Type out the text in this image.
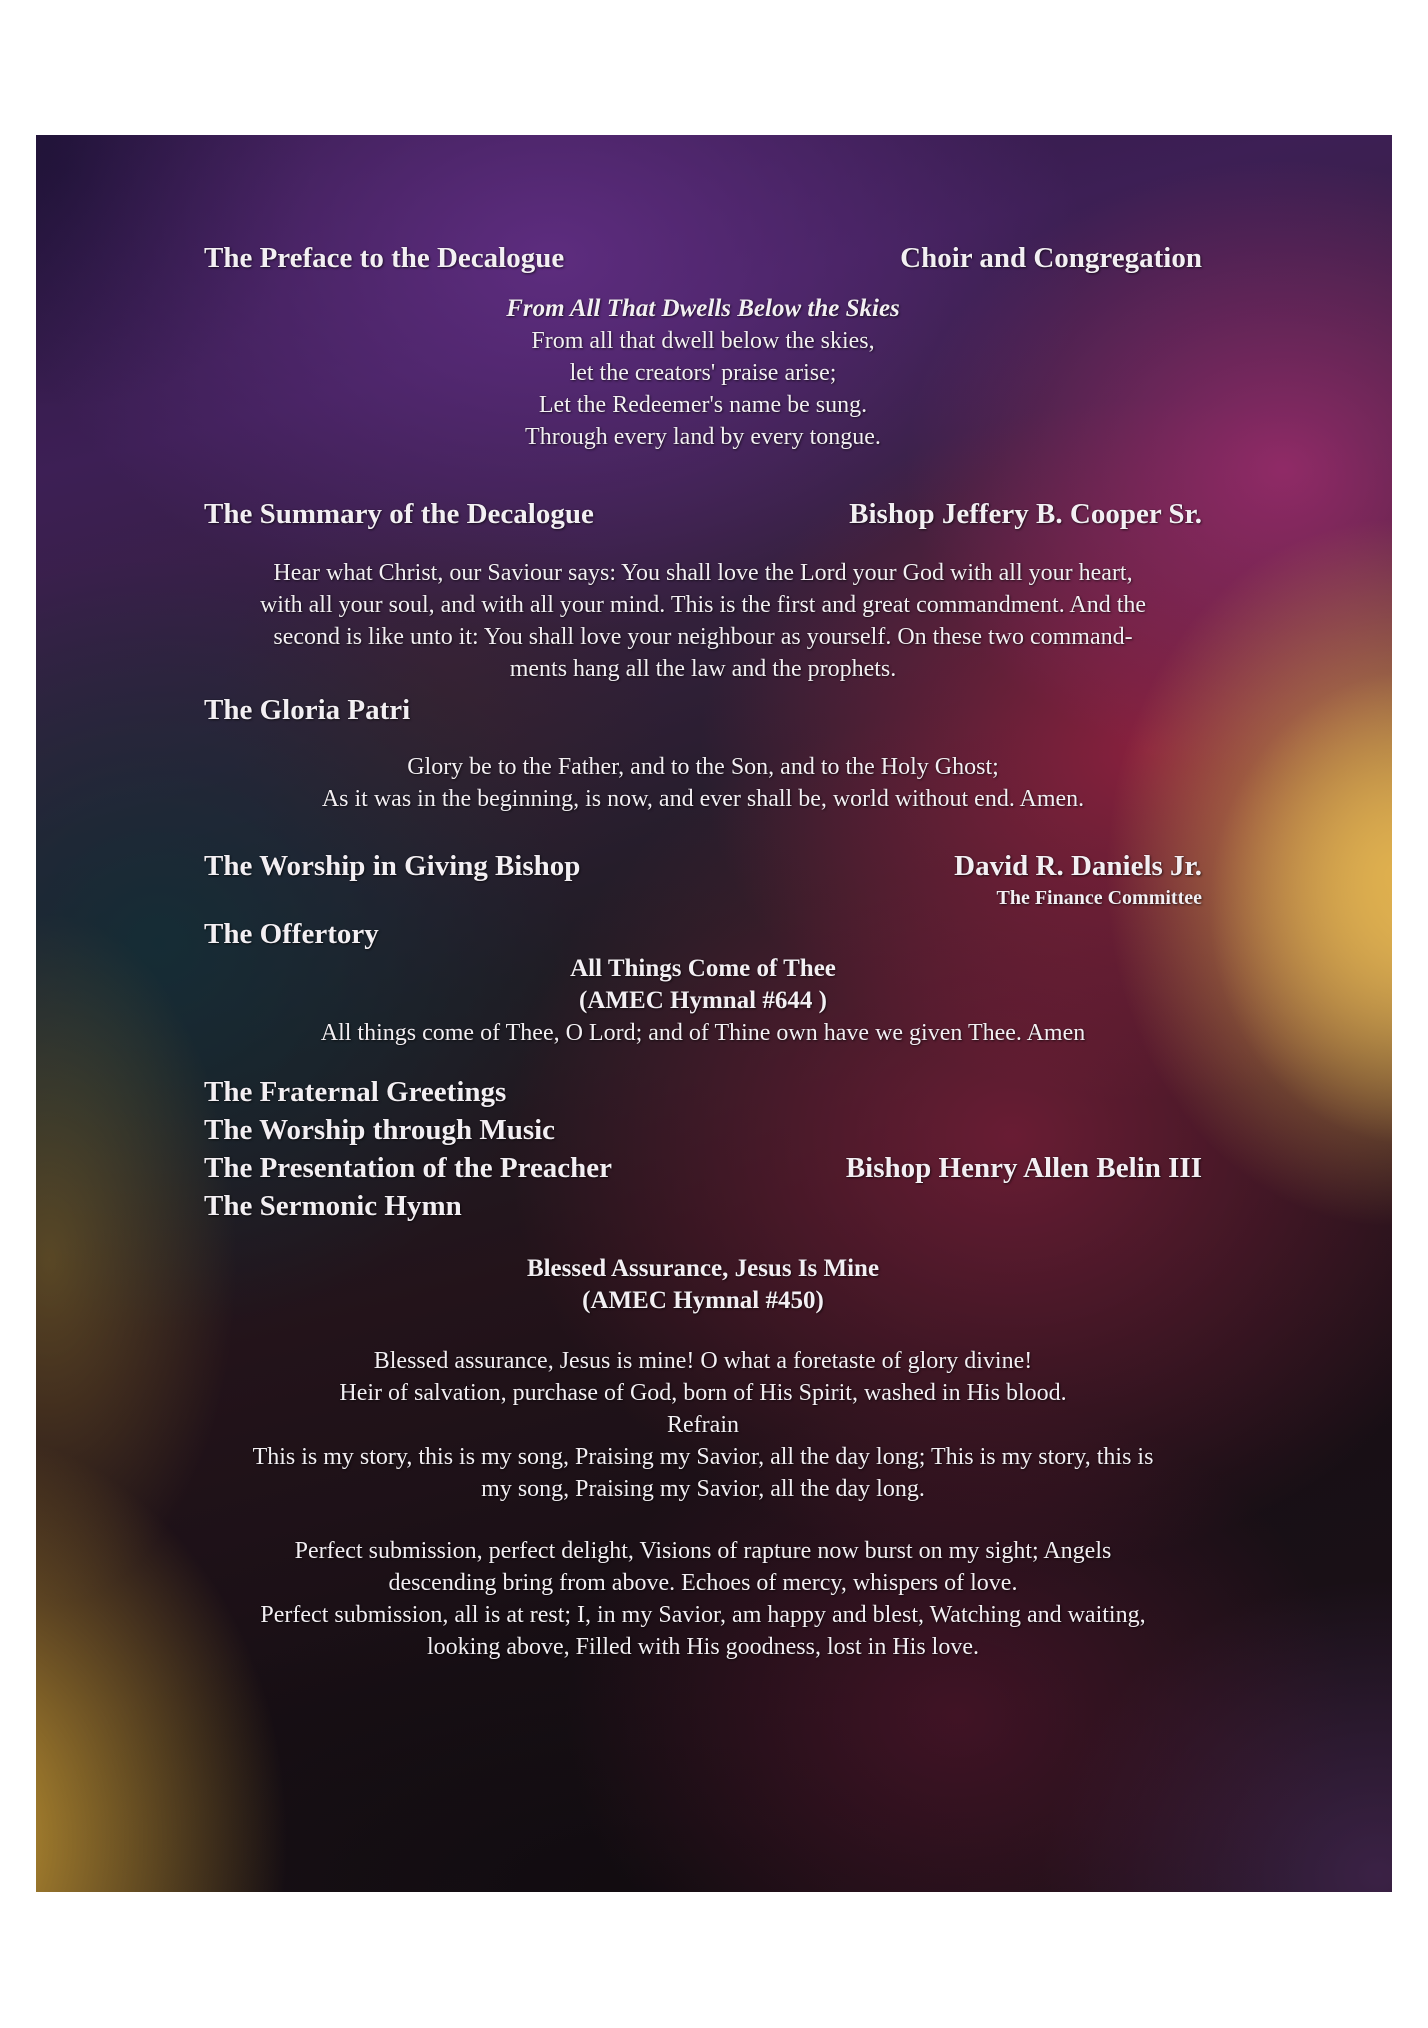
The Preface to the Decalogue	Choir and Congregation
From All That Dwells Below the Skies
From all that dwell below the skies,
let the creators' praise arise;
Let the Redeemer's name be sung.
Through every land by every tongue.
The Summary of the Decalogue	Bishop Jeffery B. Cooper Sr.
Hear what Christ, our Saviour says: You shall love the Lord your God with all your heart,
with all your soul, and with all your mind. This is the first and great commandment. And the
second is like unto it: You shall love your neighbour as yourself. On these two command-
ments hang all the law and the prophets.
The Gloria Patri
Glory be to the Father, and to the Son, and to the Holy Ghost;
As it was in the beginning, is now, and ever shall be, world without end. Amen.
The Worship in Giving Bishop	David R. Daniels Jr.
The Finance Committee
The Offertory
All Things Come of Thee
(AMEC Hymnal #644 )
All things come of Thee, O Lord; and of Thine own have we given Thee. Amen
The Fraternal Greetings
The Worship through Music
The Presentation of the Preacher	Bishop Henry Allen Belin III
The Sermonic Hymn
Blessed Assurance, Jesus Is Mine
(AMEC Hymnal #450)
Blessed assurance, Jesus is mine! O what a foretaste of glory divine!
Heir of salvation, purchase of God, born of His Spirit, washed in His blood.
Refrain
This is my story, this is my song, Praising my Savior, all the day long; This is my story, this is
my song, Praising my Savior, all the day long.
Perfect submission, perfect delight, Visions of rapture now burst on my sight; Angels
descending bring from above. Echoes of mercy, whispers of love.
Perfect submission, all is at rest; I, in my Savior, am happy and blest, Watching and waiting,
looking above, Filled with His goodness, lost in His love.
